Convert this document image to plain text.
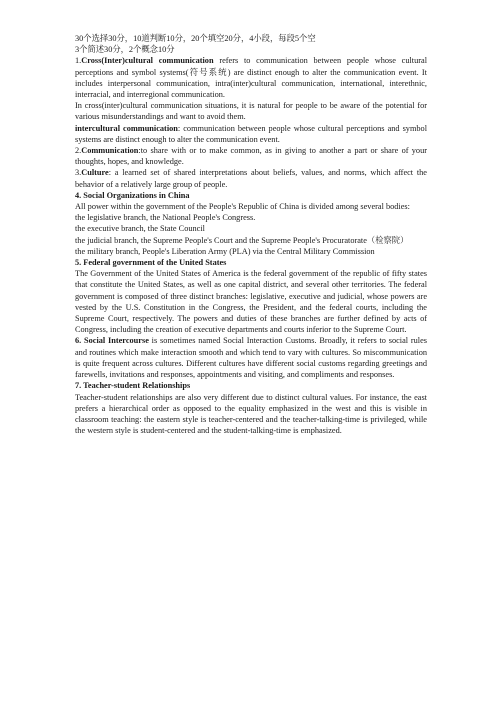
30个选择30分，10道判断10分，20个填空20分，4小段，每段5个空

3个简述30分，2个概念10分

1.Cross(Inter)cultural communication refers to communication between people whose cultural perceptions and symbol systems(符号系统) are distinct enough to alter the communication event. It includes interpersonal communication, intra(inter)cultural communication, international, interethnic, interracial, and interregional communication.

In cross(inter)cultural communication situations, it is natural for people to be aware of the potential for various misunderstandings and want to avoid them.

intercultural communication: communication between people whose cultural perceptions and symbol systems are distinct enough to alter the communication event.

2.Communication:to share with or to make common, as in giving to another a part or share of your thoughts, hopes, and knowledge.

3.Culture: a learned set of shared interpretations about beliefs, values, and norms, which affect the behavior of a relatively large group of people.

4. Social Organizations in China

All power within the government of the People's Republic of China is divided among several bodies:

the legislative branch, the National People's Congress.

the executive branch, the State Council

the judicial branch, the Supreme People's Court and the Supreme People's Procuratorate（检察院）

the military branch, People's Liberation Army (PLA) via the Central Military Commission

5. Federal government of the United States

The Government of the United States of America is the federal government of the republic of fifty states that constitute the United States, as well as one capital district, and several other territories. The federal government is composed of three distinct branches: legislative, executive and judicial, whose powers are vested by the U.S. Constitution in the Congress, the President, and the federal courts, including the Supreme Court, respectively. The powers and duties of these branches are further defined by acts of Congress, including the creation of executive departments and courts inferior to the Supreme Court.

6. Social Intercourse is sometimes named Social Interaction Customs. Broadly, it refers to social rules and routines which make interaction smooth and which tend to vary with cultures. So miscommunication is quite frequent across cultures. Different cultures have different social customs regarding greetings and farewells, invitations and responses, appointments and visiting, and compliments and responses.

7. Teacher-student Relationships

Teacher-student relationships are also very different due to distinct cultural values. For instance, the east prefers a hierarchical order as opposed to the equality emphasized in the west and this is visible in classroom teaching: the eastern style is teacher-centered and the teacher-talking-time is privileged, while the western style is student-centered and the student-talking-time is emphasized.
